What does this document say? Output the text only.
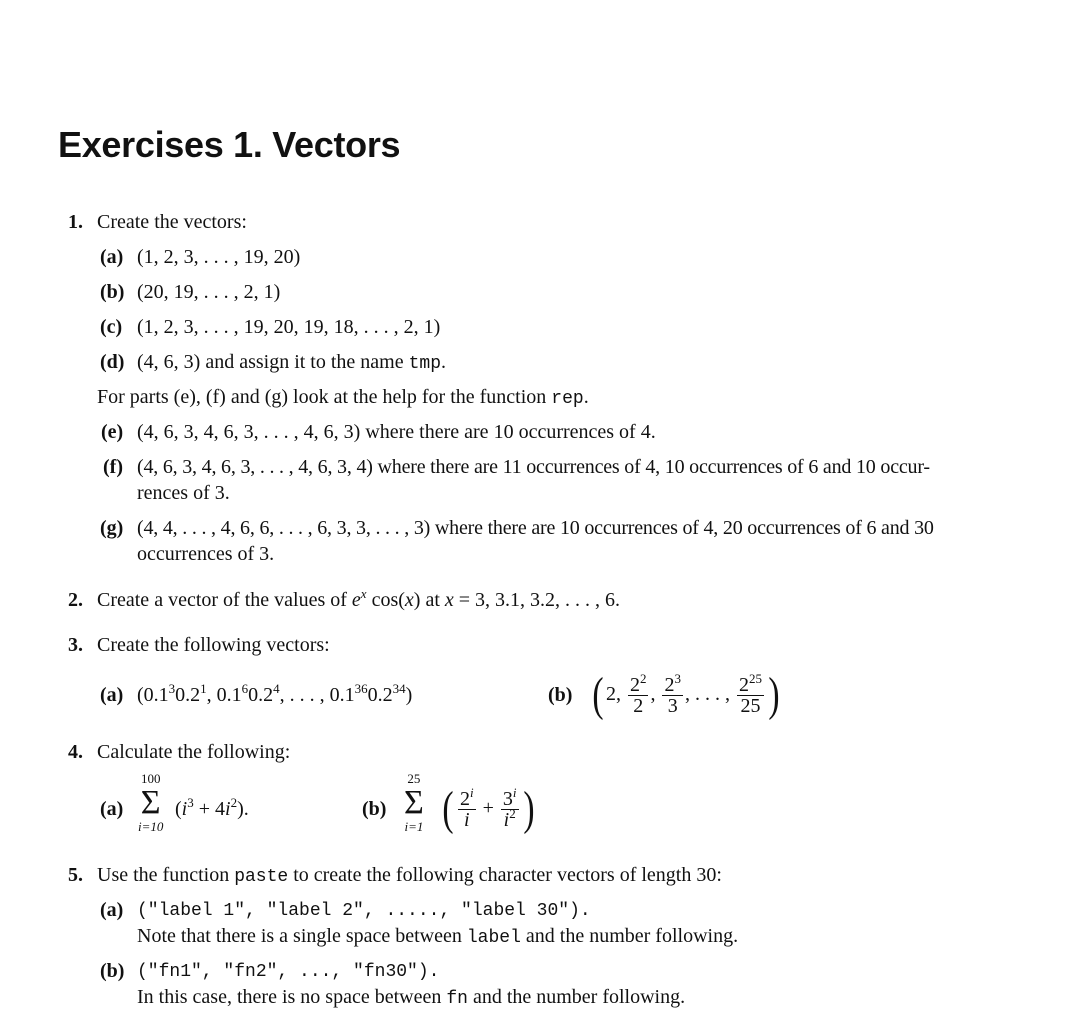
Exercises 1. Vectors
1. Create the vectors:
(a) (1, 2, 3, . . . , 19, 20)
(b) (20, 19, . . . , 2, 1)
(c) (1, 2, 3, . . . , 19, 20, 19, 18, . . . , 2, 1)
(d) (4, 6, 3) and assign it to the name tmp.
For parts (e), (f) and (g) look at the help for the function rep.
(e) (4, 6, 3, 4, 6, 3, . . . , 4, 6, 3) where there are 10 occurrences of 4.
(f) (4, 6, 3, 4, 6, 3, . . . , 4, 6, 3, 4) where there are 11 occurrences of 4, 10 occurrences of 6 and 10 occur-
rences of 3.
(g) (4, 4, . . . , 4, 6, 6, . . . , 6, 3, 3, . . . , 3) where there are 10 occurrences of 4, 20 occurrences of 6 and 30
occurrences of 3.
2. Create a vector of the values of $e^x$ cos(x) at x = 3, 3.1, 3.2, . . . , 6.
3. Create the following vectors:
(a) ($0.1^30.2^1$, $0.1^60.2^4$, . . . , $0.1^{36}0.2^{34}$)	(b) ( 2, $\frac{2^2}{2}$ , $\frac{2^3}{3}$ , . . . , $\frac{2^{25}}{25}$ )
4. Calculate the following:
(a)
100
Σ
i=10
$(i^3 + 4i^2)$.	(b)
25
Σ
i=1 ( $\frac{2^i}{i} + \frac{3^i}{i^2}$ )
5. Use the function paste to create the following character vectors of length 30:
(a) ("label 1", "label 2", ....., "label 30").
Note that there is a single space between label and the number following.
(b) ("fn1", "fn2", ..., "fn30").
In this case, there is no space between fn and the number following.
